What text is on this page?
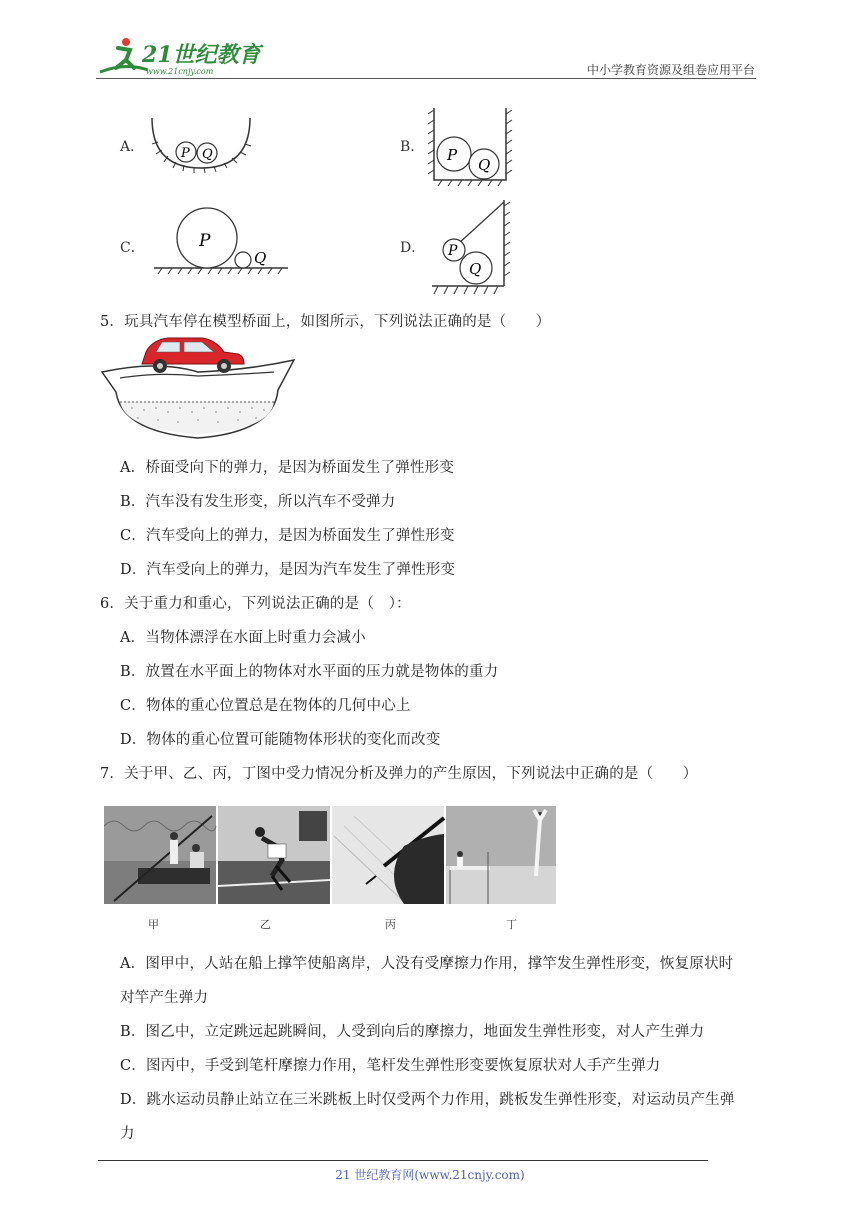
21世纪教育
www.21cnjy.com	中小学教育资源及组卷应用平台
A．	P Q	B． P
Q
C．	P
Q
D． P
Q
5．玩具汽车停在模型桥面上，如图所示，下列说法正确的是（　　）
A．桥面受向下的弹力，是因为桥面发生了弹性形变
B．汽车没有发生形变，所以汽车不受弹力
C．汽车受向上的弹力，是因为桥面发生了弹性形变
D．汽车受向上的弹力，是因为汽车发生了弹性形变
6．关于重力和重心，下列说法正确的是（　）：
A．当物体漂浮在水面上时重力会减小
B．放置在水平面上的物体对水平面的压力就是物体的重力
C．物体的重心位置总是在物体的几何中心上
D．物体的重心位置可能随物体形状的变化而改变
7．关于甲、乙、丙，丁图中受力情况分析及弹力的产生原因，下列说法中正确的是（　　）
甲	乙	丙	丁
A．图甲中，人站在船上撑竿使船离岸，人没有受摩擦力作用，撑竿发生弹性形变，恢复原状时
对竿产生弹力
B．图乙中，立定跳远起跳瞬间，人受到向后的摩擦力，地面发生弹性形变，对人产生弹力
C．图丙中，手受到笔杆摩擦力作用，笔杆发生弹性形变要恢复原状对人手产生弹力
D．跳水运动员静止站立在三米跳板上时仅受两个力作用，跳板发生弹性形变，对运动员产生弹
力
21 世纪教育网(www.21cnjy.com)
